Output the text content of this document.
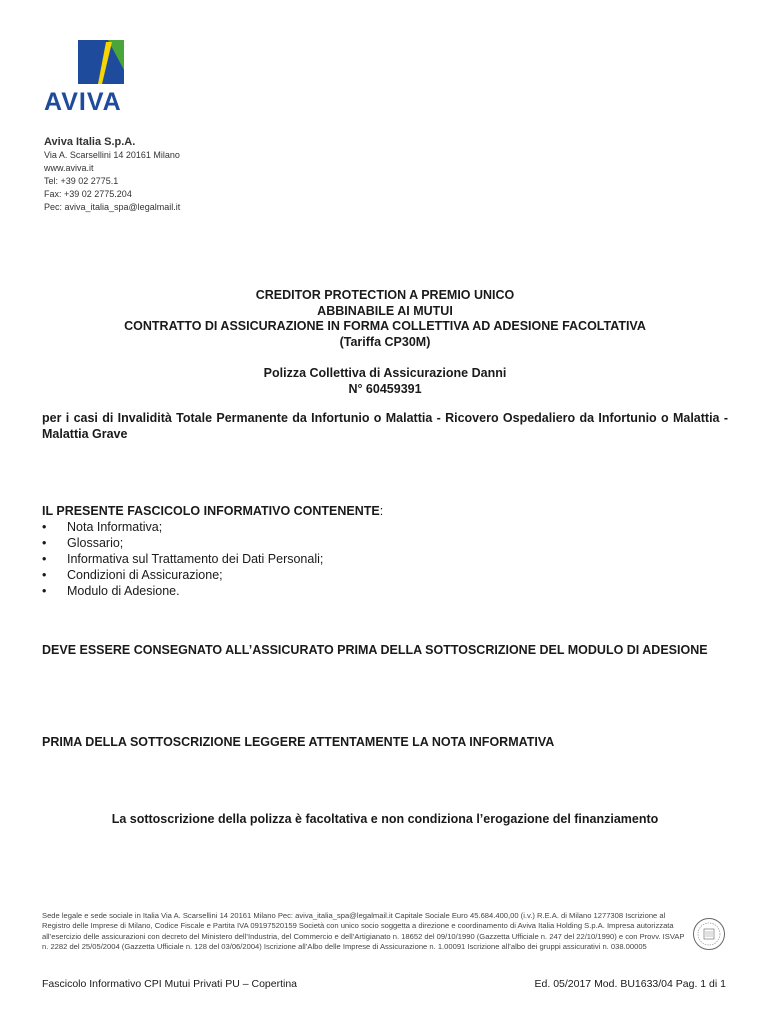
AVIVA
Aviva Italia S.p.A.
Via A. Scarsellini 14 20161 Milano
www.aviva.it
Tel: +39 02 2775.1
Fax: +39 02 2775.204
Pec: aviva_italia_spa@legalmail.it
CREDITOR PROTECTION A PREMIO UNICO
ABBINABILE AI MUTUI
CONTRATTO DI ASSICURAZIONE IN FORMA COLLETTIVA AD ADESIONE FACOLTATIVA
(Tariffa CP30M)
Polizza Collettiva di Assicurazione Danni
N° 60459391
per i casi di Invalidità Totale Permanente da Infortunio o Malattia - Ricovero Ospedaliero da Infortunio o Malattia - Malattia Grave
IL PRESENTE FASCICOLO INFORMATIVO CONTENENTE:
• Nota Informativa;
• Glossario;
• Informativa sul Trattamento dei Dati Personali;
• Condizioni di Assicurazione;
• Modulo di Adesione.
DEVE ESSERE CONSEGNATO ALL’ASSICURATO PRIMA DELLA SOTTOSCRIZIONE DEL MODULO DI ADESIONE
PRIMA DELLA SOTTOSCRIZIONE LEGGERE ATTENTAMENTE LA NOTA INFORMATIVA
La sottoscrizione della polizza è facoltativa e non condiziona l’erogazione del finanziamento
Sede legale e sede sociale in Italia Via A. Scarsellini 14 20161 Milano Pec: aviva_italia_spa@legalmail.it Capitale Sociale Euro 45.684.400,00 (i.v.) R.E.A. di Milano 1277308 Iscrizione al Registro delle Imprese di Milano, Codice Fiscale e Partita IVA 09197520159 Società con unico socio soggetta a direzione e coordinamento di Aviva Italia Holding S.p.A. Impresa autorizzata all’esercizio delle assicurazioni con decreto del Ministero dell’Industria, del Commercio e dell’Artigianato n. 18652 del 09/10/1990 (Gazzetta Ufficiale n. 247 del 22/10/1990) e con Provv. ISVAP n. 2282 del 25/05/2004 (Gazzetta Ufficiale n. 128 del 03/06/2004) Iscrizione all’Albo delle Imprese di Assicurazione n. 1.00091 Iscrizione all’albo dei gruppi assicurativi n. 038.00005
Fascicolo Informativo CPI Mutui Privati PU – Copertina	Ed. 05/2017 Mod. BU1633/04 Pag. 1 di 1
